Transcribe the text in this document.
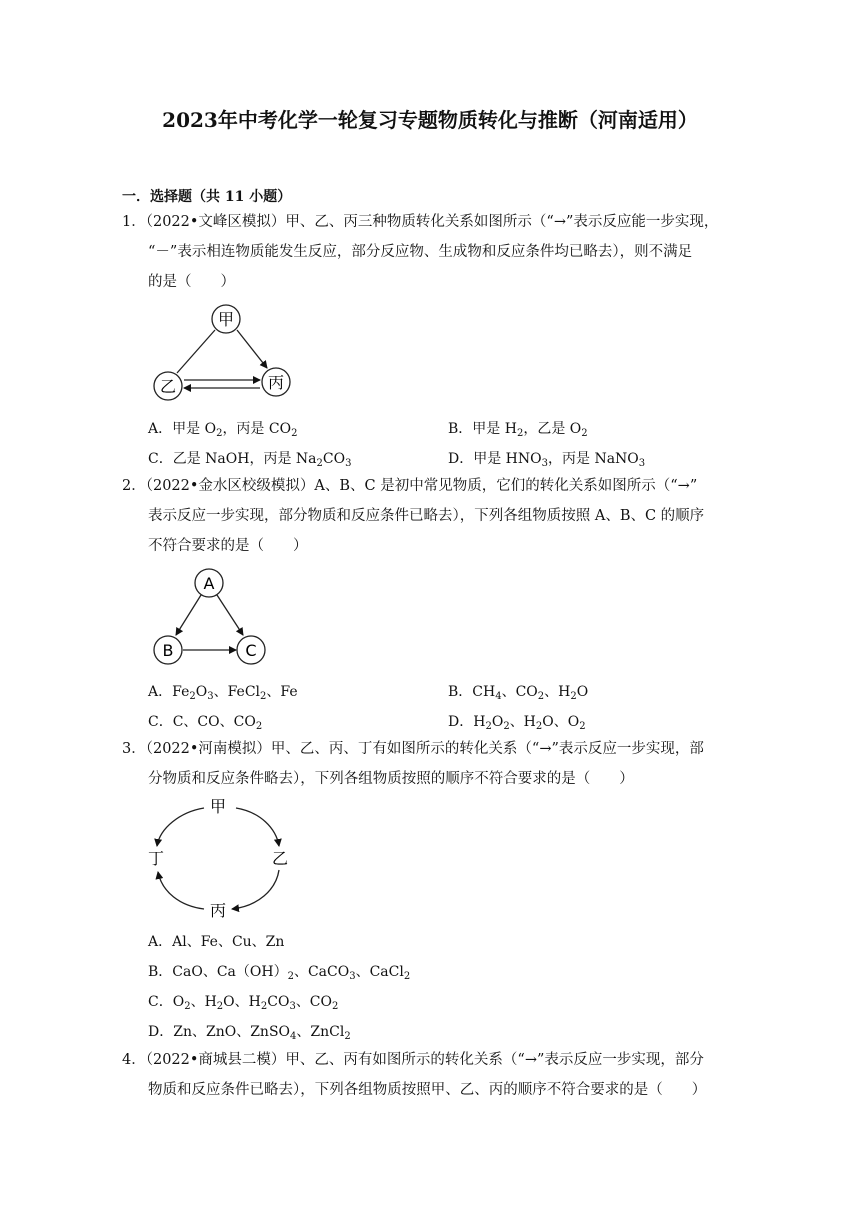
2023年中考化学一轮复习专题物质转化与推断（河南适用）
一．选择题（共 11 小题）
1．（2022•文峰区模拟）甲、乙、丙三种物质转化关系如图所示（“→”表示反应能一步实现，
“－”表示相连物质能发生反应，部分反应物、生成物和反应条件均已略去），则不满足
的是（　　）
甲
乙	丙
A．甲是 $O_2$，丙是 $CO_2$	B．甲是 $H_2$，乙是 $O_2$
C．乙是 NaOH，丙是 $Na_2CO_3$	D．甲是 $HNO_3$，丙是 NaNO$_3$
2．（2022•金水区校级模拟）A、B、C 是初中常见物质，它们的转化关系如图所示（“→”
表示反应一步实现，部分物质和反应条件已略去），下列各组物质按照 A、B、C 的顺序
不符合要求的是（　　）
A
B	C
A．$Fe_2O_3$、FeCl$_2$、Fe	B．$CH_4$、$CO_2$、$H_2O$
C．C、CO、$CO_2$	D．$H_2O_2$、$H_2O$、$O_2$
3．（2022•河南模拟）甲、乙、丙、丁有如图所示的转化关系（“→”表示反应一步实现，部
分物质和反应条件略去），下列各组物质按照的顺序不符合要求的是（　　）
甲
乙
丙
丁
A．Al、Fe、Cu、Zn
B．CaO、$Ca(OH)_2$、CaCO$_3$、CaCl$_2$
C．$O_2$、$H_2O$、$H_2CO_3$、$CO_2$
D．Zn、ZnO、ZnSO$_4$、ZnCl$_2$
4．（2022•商城县二模）甲、乙、丙有如图所示的转化关系（“→”表示反应一步实现，部分
物质和反应条件已略去），下列各组物质按照甲、乙、丙的顺序不符合要求的是（　　）
